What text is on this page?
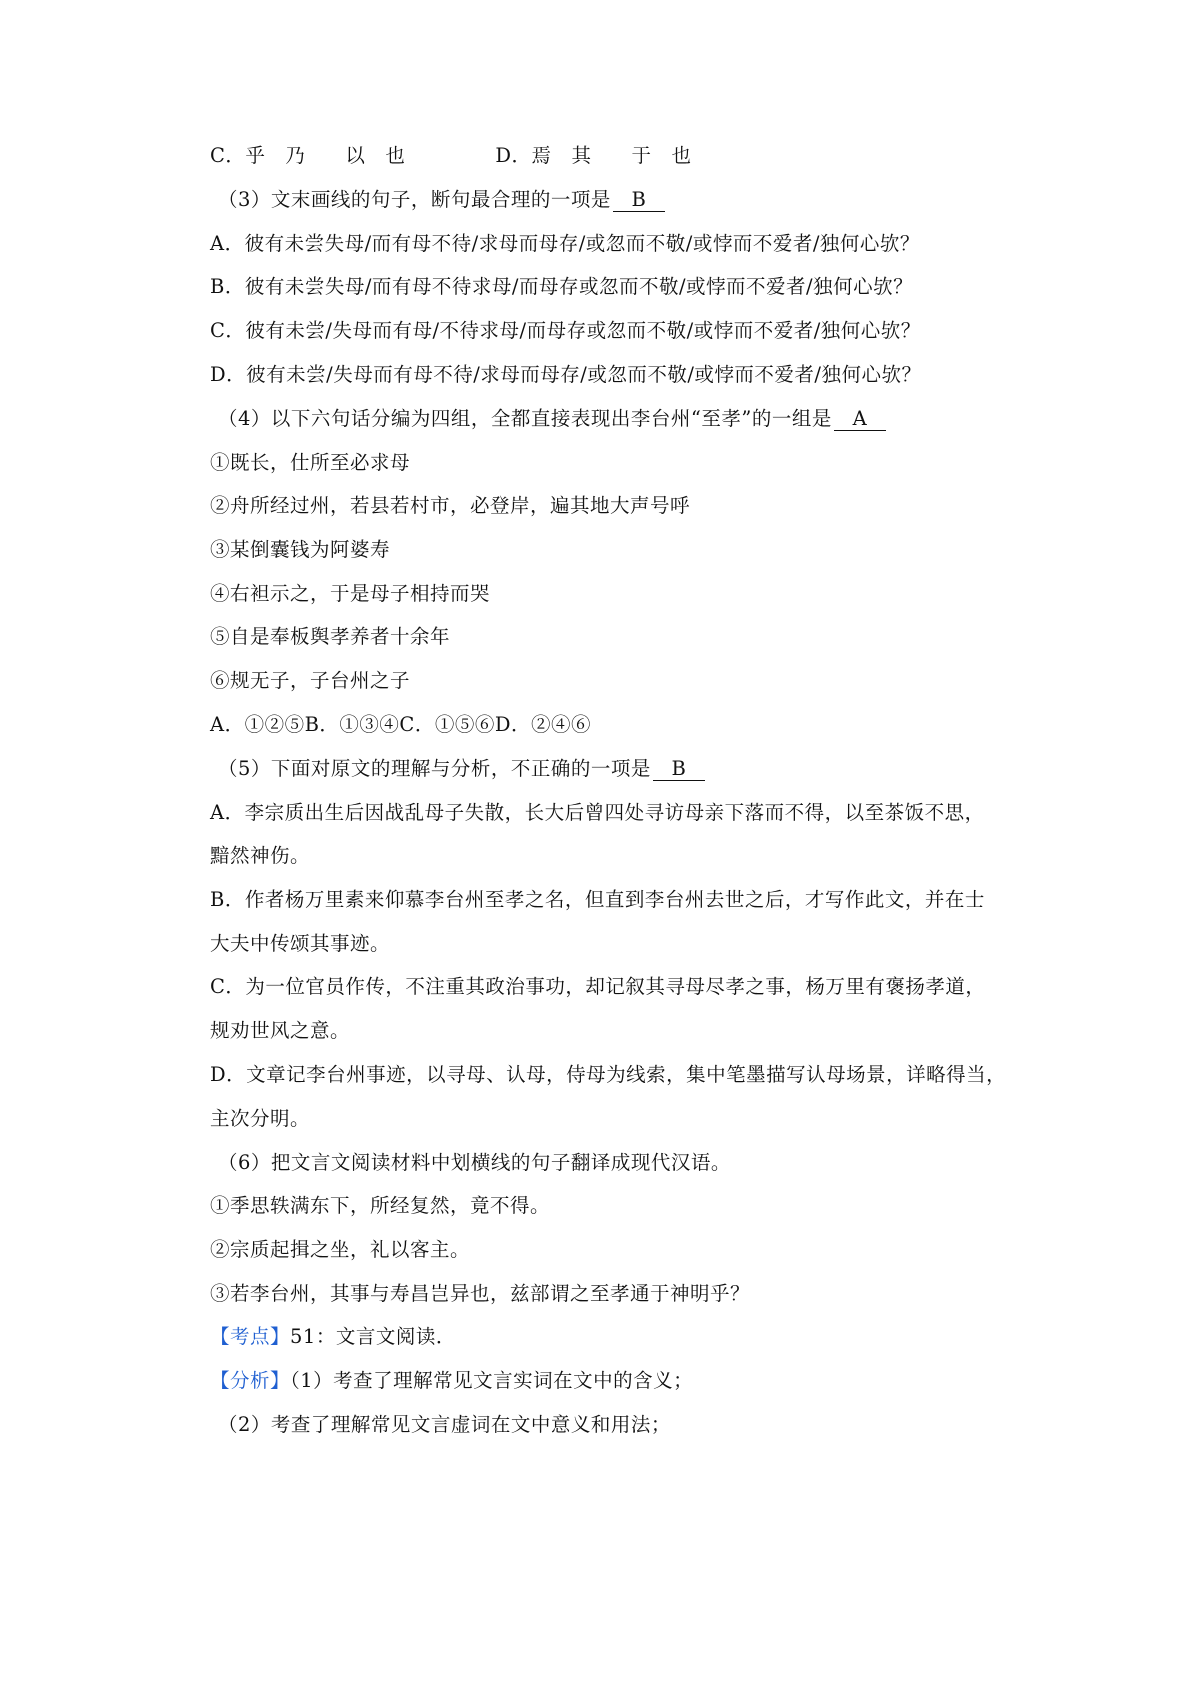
C．乎　乃　　以　也	D．焉　其　　于　也
（3）文末画线的句子，断句最合理的一项是 B
A．彼有未尝失母/而有母不待/求母而母存/或忽而不敬/或悖而不爱者/独何心欤？
B．彼有未尝失母/而有母不待求母/而母存或忽而不敬/或悖而不爱者/独何心欤？
C．彼有未尝/失母而有母/不待求母/而母存或忽而不敬/或悖而不爱者/独何心欤？
D．彼有未尝/失母而有母不待/求母而母存/或忽而不敬/或悖而不爱者/独何心欤？
（4）以下六句话分编为四组，全都直接表现出李台州“至孝”的一组是 A
①既长，仕所至必求母
②舟所经过州，若县若村市，必登岸，遍其地大声号呼
③某倒囊钱为阿婆寿
④右袒示之，于是母子相持而哭
⑤自是奉板舆孝养者十余年
⑥规无子，子台州之子
A．①②⑤B．①③④C．①⑤⑥D．②④⑥
（5）下面对原文的理解与分析，不正确的一项是 B
A．李宗质出生后因战乱母子失散，长大后曾四处寻访母亲下落而不得，以至茶饭不思，
黯然神伤。
B．作者杨万里素来仰慕李台州至孝之名，但直到李台州去世之后，才写作此文，并在士
大夫中传颂其事迹。
C．为一位官员作传，不注重其政治事功，却记叙其寻母尽孝之事，杨万里有褒扬孝道，
规劝世风之意。
D．文章记李台州事迹，以寻母、认母，侍母为线索，集中笔墨描写认母场景，详略得当，
主次分明。
（6）把文言文阅读材料中划横线的句子翻译成现代汉语。
①季思轶满东下，所经复然，竟不得。
②宗质起揖之坐，礼以客主。
③若李台州，其事与寿昌岂异也，兹部谓之至孝通于神明乎？
【考点】51：文言文阅读．
【分析】（1）考查了理解常见文言实词在文中的含义；
（2）考查了理解常见文言虚词在文中意义和用法；
